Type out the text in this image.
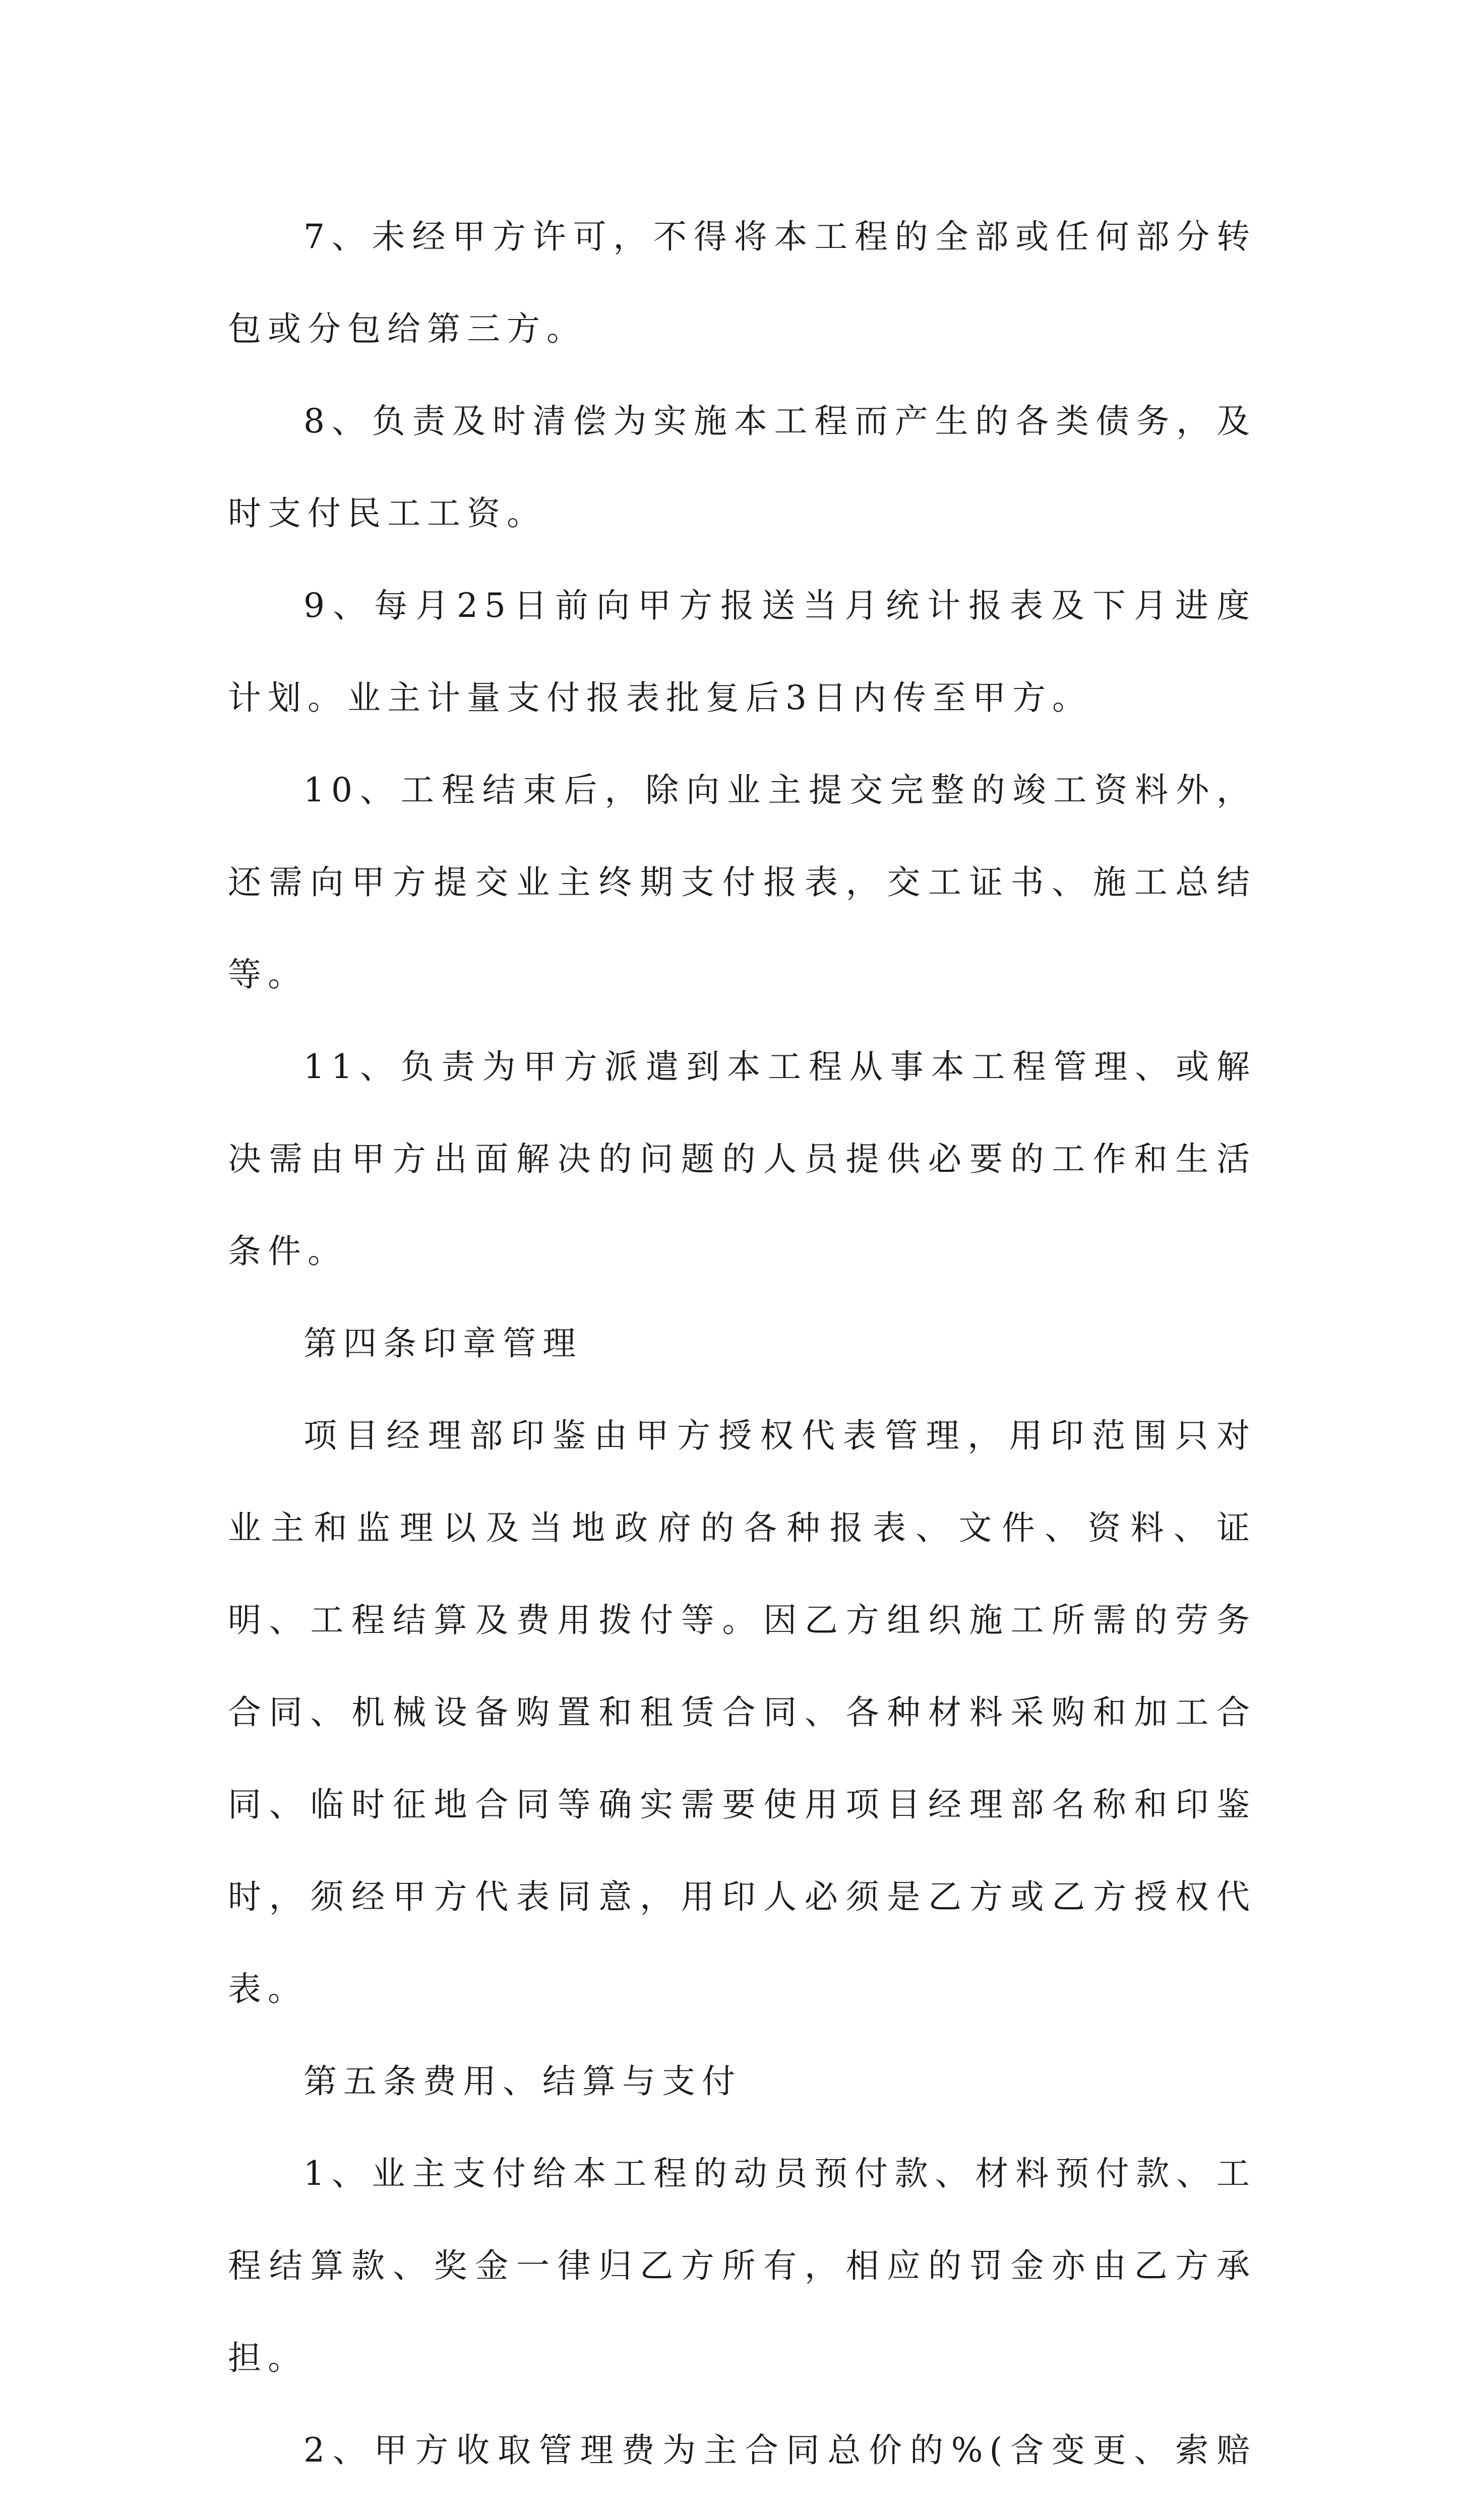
7、未经甲方许可，不得将本工程的全部或任何部分转包或分包给第三方。

8、负责及时清偿为实施本工程而产生的各类债务，及时支付民工工资。

9、每月25日前向甲方报送当月统计报表及下月进度计划。业主计量支付报表批复后3日内传至甲方。

10、工程结束后，除向业主提交完整的竣工资料外，还需向甲方提交业主终期支付报表，交工证书、施工总结等。

11、负责为甲方派遣到本工程从事本工程管理、或解决需由甲方出面解决的问题的人员提供必要的工作和生活条件。

第四条印章管理

项目经理部印鉴由甲方授权代表管理，用印范围只对业主和监理以及当地政府的各种报表、文件、资料、证明、工程结算及费用拨付等。因乙方组织施工所需的劳务合同、机械设备购置和租赁合同、各种材料采购和加工合同、临时征地合同等确实需要使用项目经理部名称和印鉴时，须经甲方代表同意，用印人必须是乙方或乙方授权代表。

第五条费用、结算与支付

1、业主支付给本工程的动员预付款、材料预付款、工程结算款、奖金一律归乙方所有，相应的罚金亦由乙方承担。

2、甲方收取管理费为主合同总价的%(含变更、索赔
